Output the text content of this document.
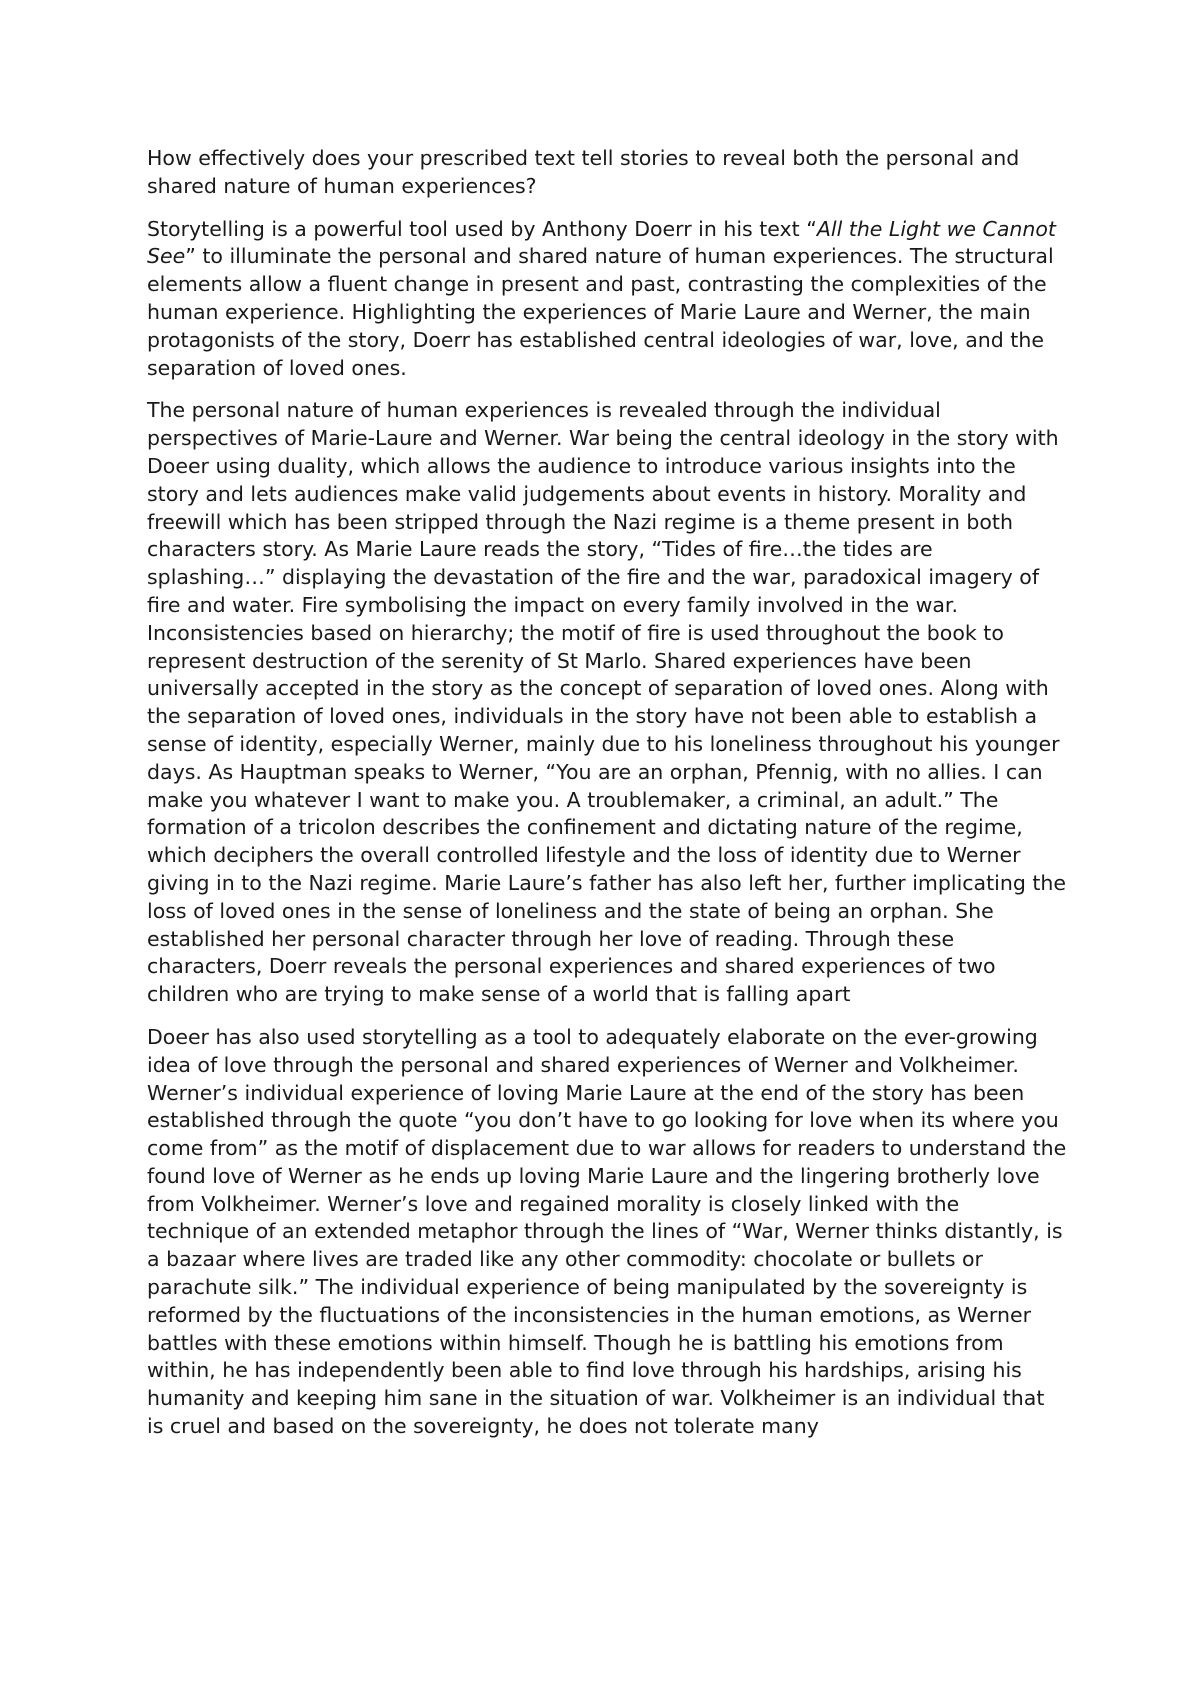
How effectively does your prescribed text tell stories to reveal both the personal and shared nature of human experiences?

Storytelling is a powerful tool used by Anthony Doerr in his text “All the Light we Cannot See” to illuminate the personal and shared nature of human experiences. The structural elements allow a fluent change in present and past, contrasting the complexities of the human experience. Highlighting the experiences of Marie Laure and Werner, the main protagonists of the story, Doerr has established central ideologies of war, love, and the separation of loved ones.

The personal nature of human experiences is revealed through the individual perspectives of Marie-Laure and Werner. War being the central ideology in the story with Doeer using duality, which allows the audience to introduce various insights into the story and lets audiences make valid judgements about events in history. Morality and freewill which has been stripped through the Nazi regime is a theme present in both characters story. As Marie Laure reads the story, “Tides of fire…the tides are splashing…” displaying the devastation of the fire and the war, paradoxical imagery of fire and water. Fire symbolising the impact on every family involved in the war. Inconsistencies based on hierarchy; the motif of fire is used throughout the book to represent destruction of the serenity of St Marlo. Shared experiences have been universally accepted in the story as the concept of separation of loved ones. Along with the separation of loved ones, individuals in the story have not been able to establish a sense of identity, especially Werner, mainly due to his loneliness throughout his younger days. As Hauptman speaks to Werner, “You are an orphan, Pfennig, with no allies. I can make you whatever I want to make you. A troublemaker, a criminal, an adult.” The formation of a tricolon describes the confinement and dictating nature of the regime, which deciphers the overall controlled lifestyle and the loss of identity due to Werner giving in to the Nazi regime. Marie Laure’s father has also left her, further implicating the loss of loved ones in the sense of loneliness and the state of being an orphan. She established her personal character through her love of reading. Through these characters, Doerr reveals the personal experiences and shared experiences of two children who are trying to make sense of a world that is falling apart

Doeer has also used storytelling as a tool to adequately elaborate on the ever-growing idea of love through the personal and shared experiences of Werner and Volkheimer. Werner’s individual experience of loving Marie Laure at the end of the story has been established through the quote “you don’t have to go looking for love when its where you come from” as the motif of displacement due to war allows for readers to understand the found love of Werner as he ends up loving Marie Laure and the lingering brotherly love from Volkheimer. Werner’s love and regained morality is closely linked with the technique of an extended metaphor through the lines of “War, Werner thinks distantly, is a bazaar where lives are traded like any other commodity: chocolate or bullets or parachute silk.” The individual experience of being manipulated by the sovereignty is reformed by the fluctuations of the inconsistencies in the human emotions, as Werner battles with these emotions within himself. Though he is battling his emotions from within, he has independently been able to find love through his hardships, arising his humanity and keeping him sane in the situation of war. Volkheimer is an individual that is cruel and based on the sovereignty, he does not tolerate many
